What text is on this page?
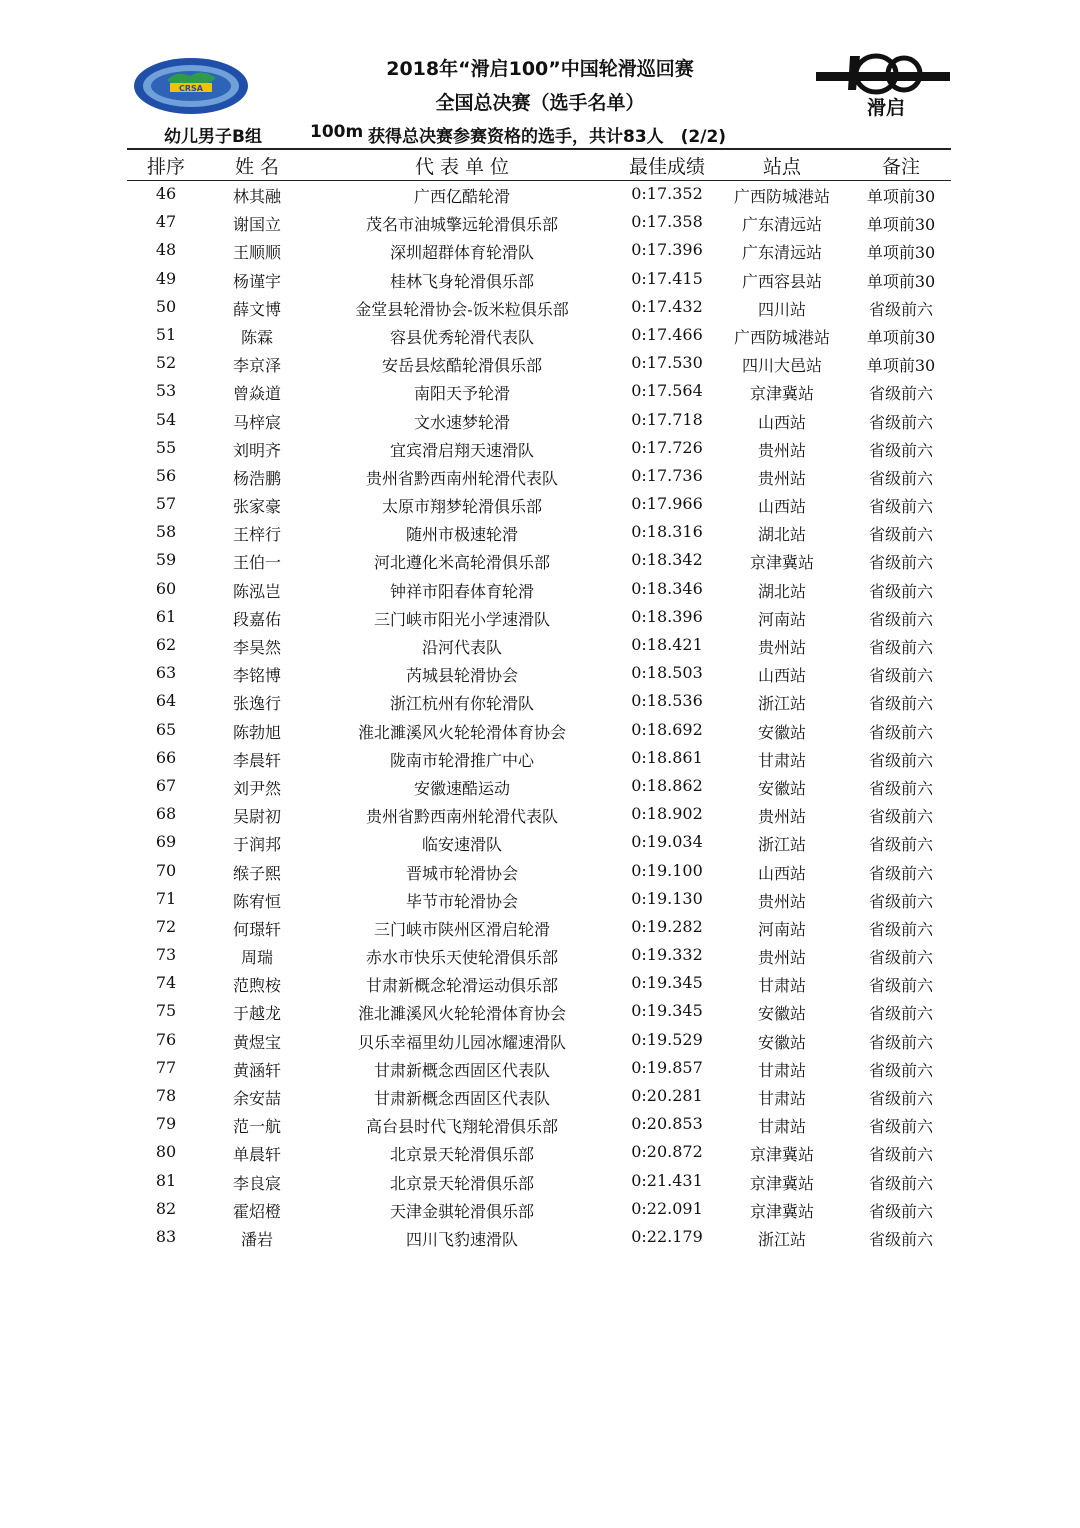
CRSA
滑启
2018年“滑启100”中国轮滑巡回赛
全国总决赛（选手名单）
幼儿男子B组	100m 获得总决赛参赛资格的选手，共计83人　(2/2)
排序	姓 名	代 表 单 位	最佳成绩	站点	备注
46	林其融	广西亿酷轮滑	0:17.352	广西防城港站	单项前30
47	谢国立	茂名市油城擎远轮滑俱乐部	0:17.358	广东清远站	单项前30
48	王顺顺	深圳超群体育轮滑队	0:17.396	广东清远站	单项前30
49	杨谨宇	桂林飞身轮滑俱乐部	0:17.415	广西容县站	单项前30
50	薛文博	金堂县轮滑协会-饭米粒俱乐部	0:17.432	四川站	省级前六
51	陈霖	容县优秀轮滑代表队	0:17.466	广西防城港站	单项前30
52	李京泽	安岳县炫酷轮滑俱乐部	0:17.530	四川大邑站	单项前30
53	曾焱道	南阳天予轮滑	0:17.564	京津冀站	省级前六
54	马梓宸	文水速梦轮滑	0:17.718	山西站	省级前六
55	刘明齐	宜宾滑启翔天速滑队	0:17.726	贵州站	省级前六
56	杨浩鹏	贵州省黔西南州轮滑代表队	0:17.736	贵州站	省级前六
57	张家豪	太原市翔梦轮滑俱乐部	0:17.966	山西站	省级前六
58	王梓行	随州市极速轮滑	0:18.316	湖北站	省级前六
59	王伯一	河北遵化米高轮滑俱乐部	0:18.342	京津冀站	省级前六
60	陈泓岂	钟祥市阳春体育轮滑	0:18.346	湖北站	省级前六
61	段嘉佑	三门峡市阳光小学速滑队	0:18.396	河南站	省级前六
62	李昊然	沿河代表队	0:18.421	贵州站	省级前六
63	李铭博	芮城县轮滑协会	0:18.503	山西站	省级前六
64	张逸行	浙江杭州有你轮滑队	0:18.536	浙江站	省级前六
65	陈勃旭	淮北濉溪风火轮轮滑体育协会	0:18.692	安徽站	省级前六
66	李晨轩	陇南市轮滑推广中心	0:18.861	甘肃站	省级前六
67	刘尹然	安徽速酷运动	0:18.862	安徽站	省级前六
68	吴尉初	贵州省黔西南州轮滑代表队	0:18.902	贵州站	省级前六
69	于润邦	临安速滑队	0:19.034	浙江站	省级前六
70	缑子熙	晋城市轮滑协会	0:19.100	山西站	省级前六
71	陈宥恒	毕节市轮滑协会	0:19.130	贵州站	省级前六
72	何璟轩	三门峡市陕州区滑启轮滑	0:19.282	河南站	省级前六
73	周瑞	赤水市快乐天使轮滑俱乐部	0:19.332	贵州站	省级前六
74	范煦桉	甘肃新概念轮滑运动俱乐部	0:19.345	甘肃站	省级前六
75	于越龙	淮北濉溪风火轮轮滑体育协会	0:19.345	安徽站	省级前六
76	黄煜宝	贝乐幸福里幼儿园冰耀速滑队	0:19.529	安徽站	省级前六
77	黄涵轩	甘肃新概念西固区代表队	0:19.857	甘肃站	省级前六
78	余安喆	甘肃新概念西固区代表队	0:20.281	甘肃站	省级前六
79	范一航	高台县时代飞翔轮滑俱乐部	0:20.853	甘肃站	省级前六
80	单晨轩	北京景天轮滑俱乐部	0:20.872	京津冀站	省级前六
81	李良宸	北京景天轮滑俱乐部	0:21.431	京津冀站	省级前六
82	霍炤橙	天津金骐轮滑俱乐部	0:22.091	京津冀站	省级前六
83	潘岩	四川飞豹速滑队	0:22.179	浙江站	省级前六
